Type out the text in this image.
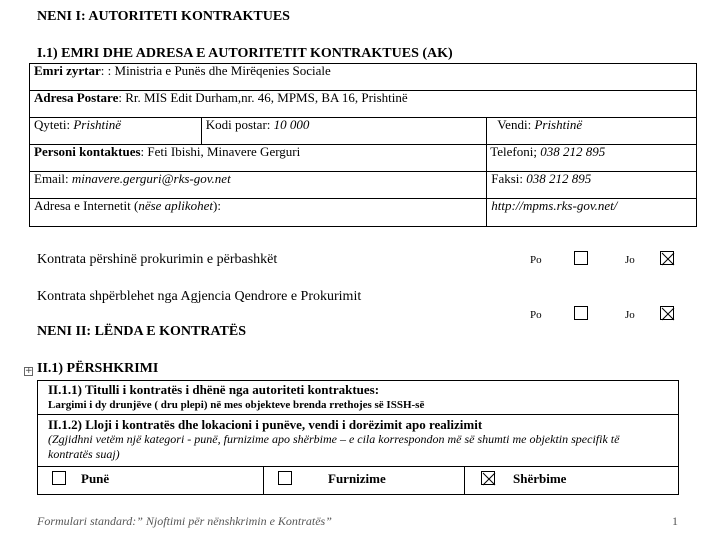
NENI I: AUTORITETI KONTRAKTUES
I.1) EMRI DHE ADRESA E AUTORITETIT KONTRAKTUES (AK)
Emri zyrtar: : Ministria e Punës dhe Mirëqenies Sociale
Adresa Postare: Rr. MIS Edit Durham,nr. 46, MPMS, BA 16, Prishtinë
Qyteti: Prishtinë	Kodi postar: 10 000	Vendi: Prishtinë
Personi kontaktues: Feti Ibishi, Minavere Gerguri	Telefoni; 038 212 895
Email: minavere.gerguri@rks-gov.net	Faksi: 038 212 895
Adresa e Internetit (nëse aplikohet):	http://mpms.rks-gov.net/
Kontrata përshinë prokurimin e përbashkët	Po	Jo
Kontrata shpërblehet nga Agjencia Qendrore e Prokurimit
Po	Jo
NENI II: LËNDA E KONTRATËS
+ II.1) PËRSHKRIMI
II.1.1) Titulli i kontratës i dhënë nga autoriteti kontraktues:
Largimi i dy drunjëve ( dru plepi) në mes objekteve brenda rrethojes së ISSH-së
II.1.2) Lloji i kontratës dhe lokacioni i punëve, vendi i dorëzimit apo realizimit
(Zgjidhni vetëm një kategori - punë, furnizime apo shërbime – e cila korrespondon më së shumti me objektin specifik të kontratës suaj)
Punë	Furnizime	Shërbime
Formulari standard:” Njoftimi për nënshkrimin e Kontratës”	1
